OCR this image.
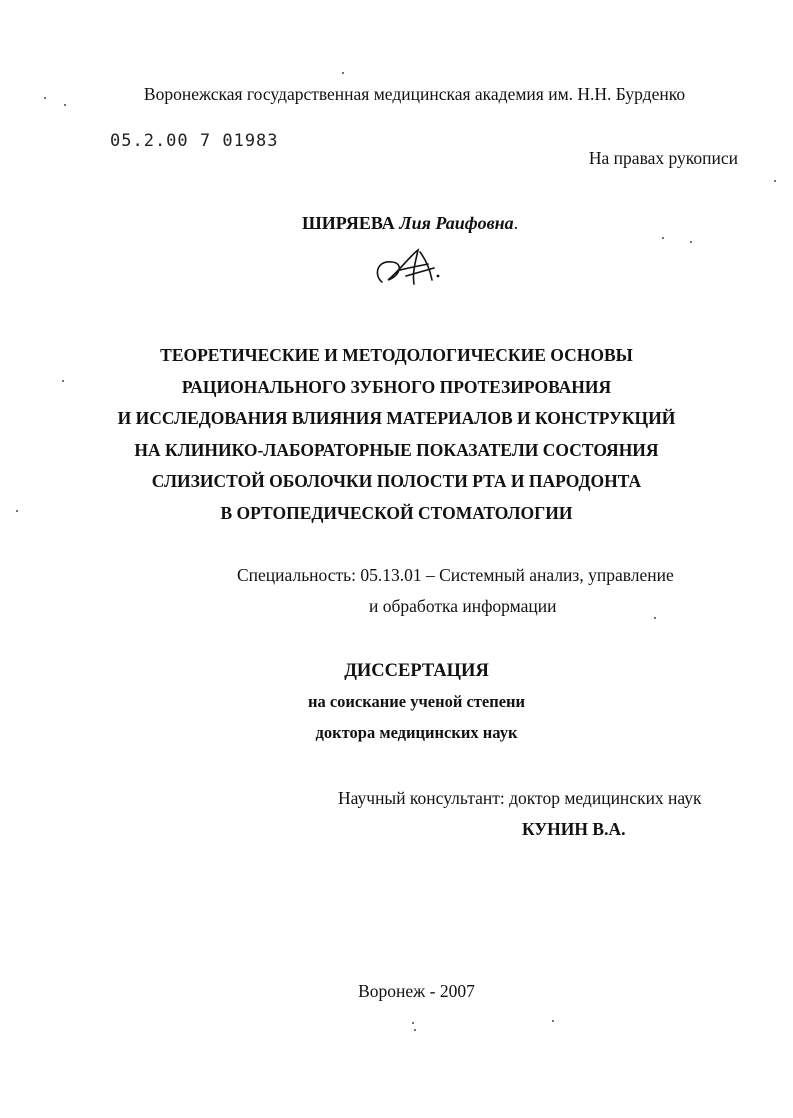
Воронежская государственная медицинская академия им. Н.Н. Бурденко
05.2.00 7 01983
На правах рукописи
ШИРЯЕВА Лия Раифовна.
ТЕОРЕТИЧЕСКИЕ И МЕТОДОЛОГИЧЕСКИЕ ОСНОВЫ
РАЦИОНАЛЬНОГО ЗУБНОГО ПРОТЕЗИРОВАНИЯ
И ИССЛЕДОВАНИЯ ВЛИЯНИЯ МАТЕРИАЛОВ И КОНСТРУКЦИЙ
НА КЛИНИКО-ЛАБОРАТОРНЫЕ ПОКАЗАТЕЛИ СОСТОЯНИЯ
СЛИЗИСТОЙ ОБОЛОЧКИ ПОЛОСТИ РТА И ПАРОДОНТА
В ОРТОПЕДИЧЕСКОЙ СТОМАТОЛОГИИ
Специальность: 05.13.01 – Системный анализ, управление
и обработка информации
ДИССЕРТАЦИЯ
на соискание ученой степени
доктора медицинских наук
Научный консультант: доктор медицинских наук
КУНИН В.А.
Воронеж - 2007
